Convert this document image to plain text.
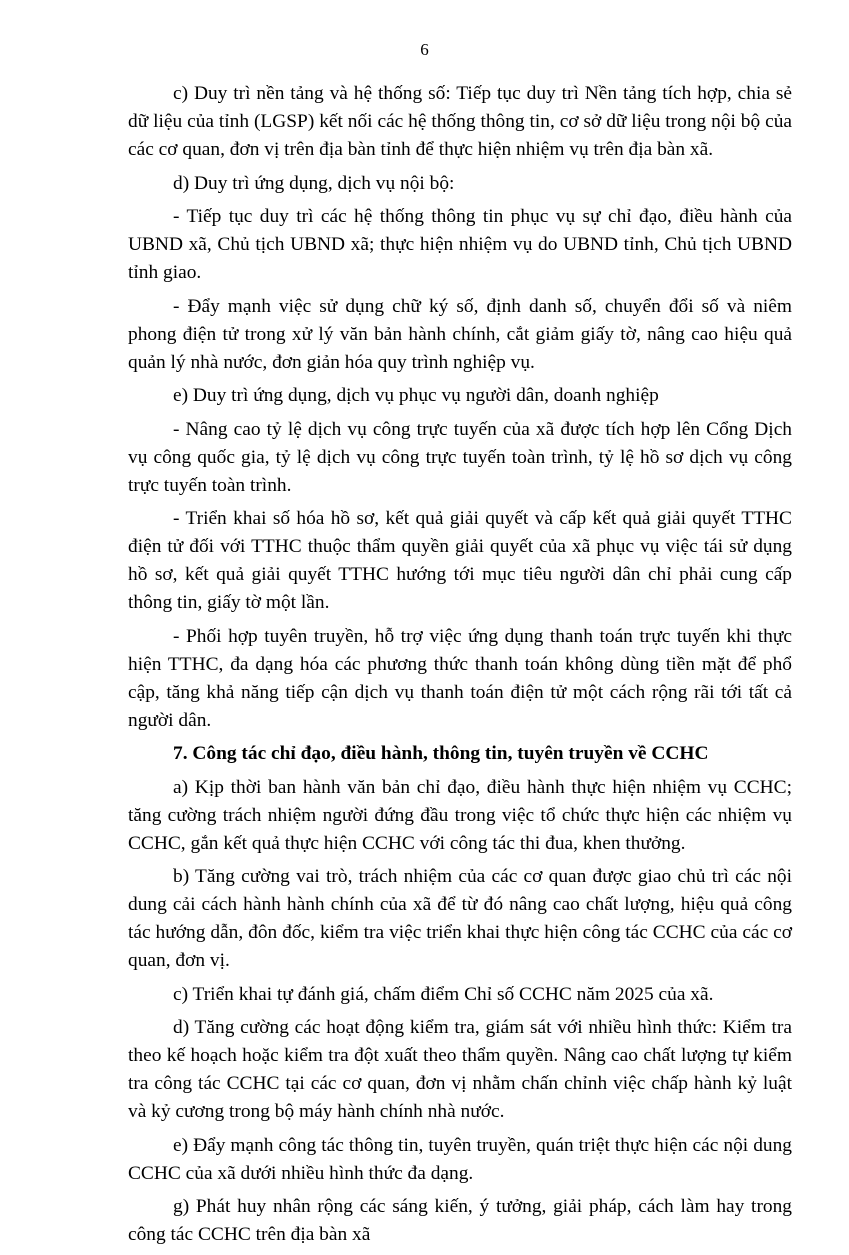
6

c) Duy trì nền tảng và hệ thống số: Tiếp tục duy trì Nền tảng tích hợp, chia sẻ dữ liệu của tỉnh (LGSP) kết nối các hệ thống thông tin, cơ sở dữ liệu trong nội bộ của các cơ quan, đơn vị trên địa bàn tỉnh để thực hiện nhiệm vụ trên địa bàn xã.

d) Duy trì ứng dụng, dịch vụ nội bộ:

- Tiếp tục duy trì các hệ thống thông tin phục vụ sự chỉ đạo, điều hành của UBND xã, Chủ tịch UBND xã; thực hiện nhiệm vụ do UBND tỉnh, Chủ tịch UBND tỉnh giao.

- Đẩy mạnh việc sử dụng chữ ký số, định danh số, chuyển đổi số và niêm phong điện tử trong xử lý văn bản hành chính, cắt giảm giấy tờ, nâng cao hiệu quả quản lý nhà nước, đơn giản hóa quy trình nghiệp vụ.

e) Duy trì ứng dụng, dịch vụ phục vụ người dân, doanh nghiệp

- Nâng cao tỷ lệ dịch vụ công trực tuyến của xã được tích hợp lên Cổng Dịch vụ công quốc gia, tỷ lệ dịch vụ công trực tuyến toàn trình, tỷ lệ hồ sơ dịch vụ công trực tuyến toàn trình.

- Triển khai số hóa hồ sơ, kết quả giải quyết và cấp kết quả giải quyết TTHC điện tử đối với TTHC thuộc thẩm quyền giải quyết của xã phục vụ việc tái sử dụng hồ sơ, kết quả giải quyết TTHC hướng tới mục tiêu người dân chỉ phải cung cấp thông tin, giấy tờ một lần.

- Phối hợp tuyên truyền, hỗ trợ việc ứng dụng thanh toán trực tuyến khi thực hiện TTHC, đa dạng hóa các phương thức thanh toán không dùng tiền mặt để phổ cập, tăng khả năng tiếp cận dịch vụ thanh toán điện tử một cách rộng rãi tới tất cả người dân.

7. Công tác chỉ đạo, điều hành, thông tin, tuyên truyền về CCHC

a) Kịp thời ban hành văn bản chỉ đạo, điều hành thực hiện nhiệm vụ CCHC; tăng cường trách nhiệm người đứng đầu trong việc tổ chức thực hiện các nhiệm vụ CCHC, gắn kết quả thực hiện CCHC với công tác thi đua, khen thưởng.

b) Tăng cường vai trò, trách nhiệm của các cơ quan được giao chủ trì các nội dung cải cách hành hành chính của xã để từ đó nâng cao chất lượng, hiệu quả công tác hướng dẫn, đôn đốc, kiểm tra việc triển khai thực hiện công tác CCHC của các cơ quan, đơn vị.

c) Triển khai tự đánh giá, chấm điểm Chỉ số CCHC năm 2025 của xã.

d) Tăng cường các hoạt động kiểm tra, giám sát với nhiều hình thức: Kiểm tra theo kế hoạch hoặc kiểm tra đột xuất theo thẩm quyền. Nâng cao chất lượng tự kiểm tra công tác CCHC tại các cơ quan, đơn vị nhằm chấn chỉnh việc chấp hành kỷ luật và kỷ cương trong bộ máy hành chính nhà nước.

e) Đẩy mạnh công tác thông tin, tuyên truyền, quán triệt thực hiện các nội dung CCHC của xã dưới nhiều hình thức đa dạng.

g) Phát huy nhân rộng các sáng kiến, ý tưởng, giải pháp, cách làm hay trong công tác CCHC trên địa bàn xã
